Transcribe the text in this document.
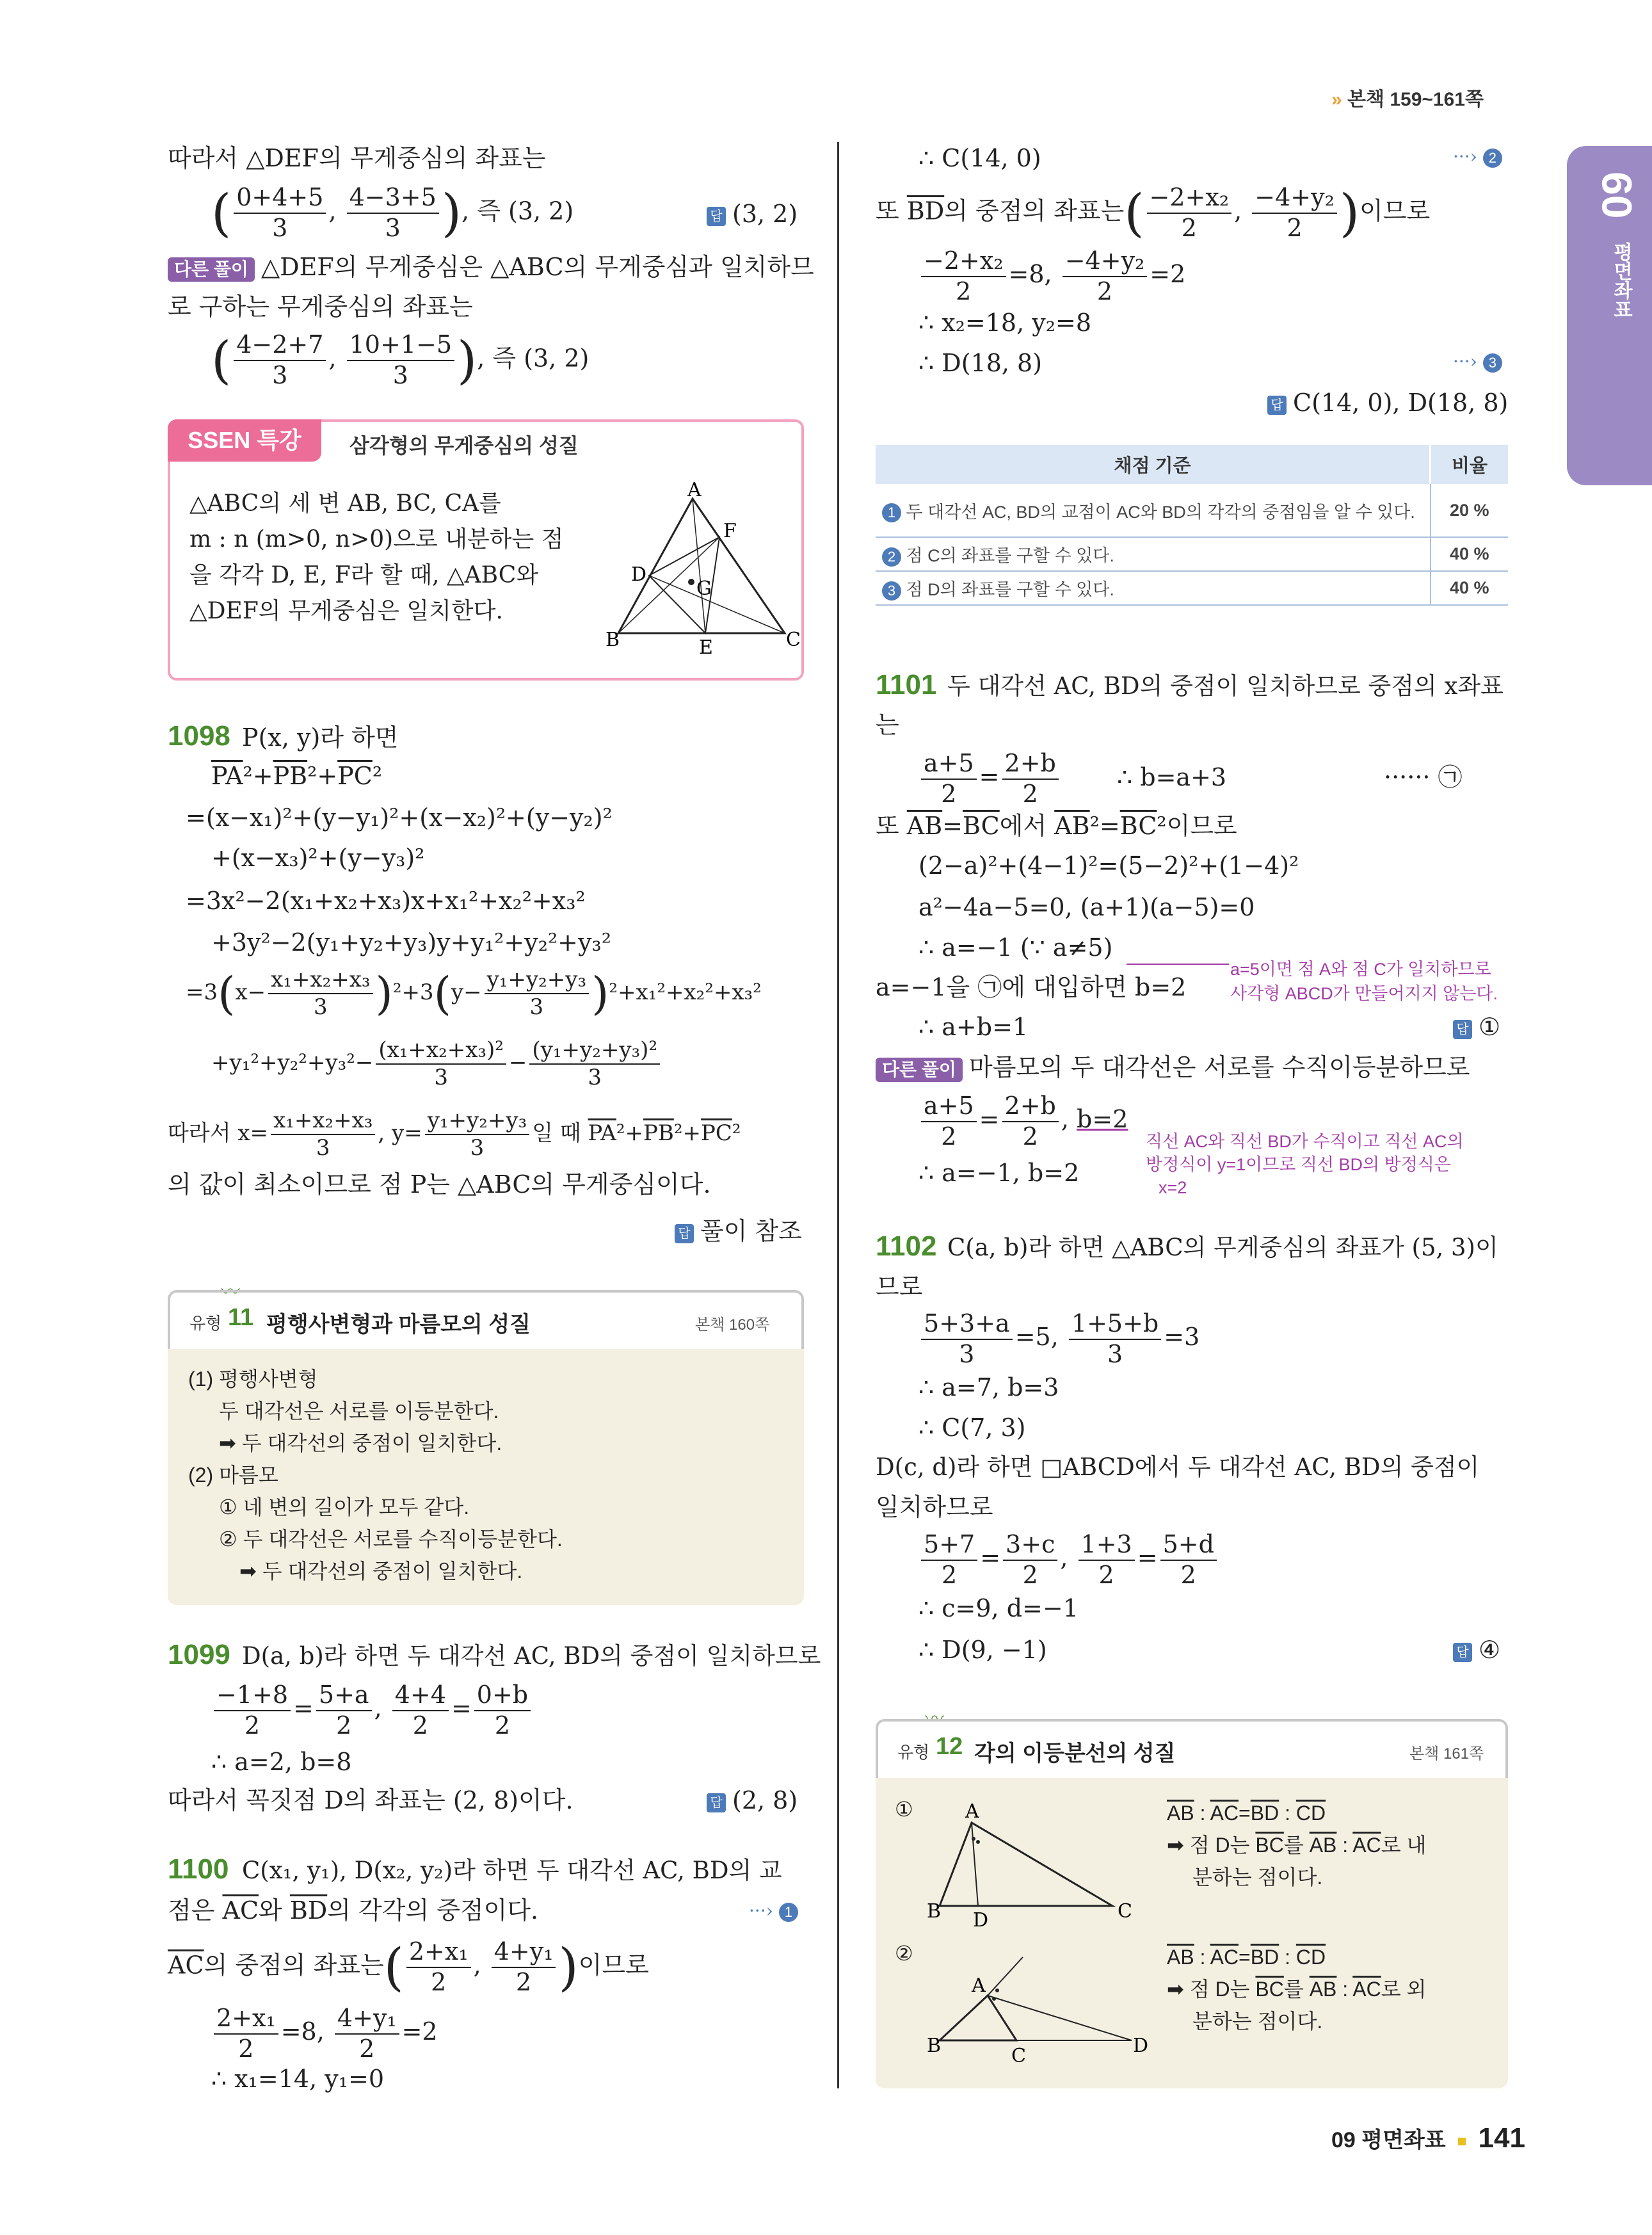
» 본책 159~161쪽
09
평면좌표
따라서 △DEF의 무게중심의 좌표는
( $\frac{0+4+5}{3}$ , $\frac{4-3+5}{3}$ ), 즉 (3, 2)	답 (3, 2)
다른 풀이 △DEF의 무게중심은 △ABC의 무게중심과 일치하므
로 구하는 무게중심의 좌표는
( $\frac{4-2+7}{3}$ , $\frac{10+1-5}{3}$ ), 즉 (3, 2)
SSEN 특강	삼각형의 무게중심의 성질
△ABC의 세 변 AB, BC, CA를
m : n (m>0, n>0)으로 내분하는 점
을 각각 D, E, F라 할 때, △ABC와
△DEF의 무게중심은 일치한다.
A
B	C
D
E
F
G
1098 P(x, y)라 하면
$\overline{PA}^2+\overline{PB}^2+\overline{PC}^2$
=(x−x₁)²+(y−y₁)²+(x−x₂)²+(y−y₂)²
+(x−x₃)²+(y−y₃)²
=3x²−2(x₁+x₂+x₃)x+x₁²+x₂²+x₃²
+3y²−2(y₁+y₂+y₃)y+y₁²+y₂²+y₃²
$=3(x- \frac{\text{x₁+x₂+x₃}}{3} )^2+3(y- \frac{\text{y₁+y₂+y₃}}{3} )^2+x_1^2+x_2^2+x_3^2$
$+y_1^2+y_2^2+y_3^2- \frac{\text{(x₁+x₂+x₃)²}}{3} - \frac{\text{(y₁+y₂+y₃)²}}{3}$
따라서 $x= \frac{\text{x₁+x₂+x₃}}{3}$ , $y= \frac{\text{y₁+y₂+y₃}}{3}$ 일 때 $\overline{PA}^2+\overline{PB}^2+\overline{PC}^2$
의 값이 최소이므로 점 P는 △ABC의 무게중심이다.
답 풀이 참조
〰
유형 11 평행사변형과 마름모의 성질	본책 160쪽
(1) 평행사변형
두 대각선은 서로를 이등분한다.
➡ 두 대각선의 중점이 일치한다.
(2) 마름모
① 네 변의 길이가 모두 같다.
② 두 대각선은 서로를 수직이등분한다.
➡ 두 대각선의 중점이 일치한다.
1099 D(a, b)라 하면 두 대각선 AC, BD의 중점이 일치하므로
$\frac{-1+8}{2} = \frac{5+a}{2}$ , $\frac{4+4}{2} = \frac{0+b}{2}$
∴ a=2, b=8
따라서 꼭짓점 D의 좌표는 (2, 8)이다.	답 (2, 8)
1100 C(x₁, y₁), D(x₂, y₂)라 하면 두 대각선 AC, BD의 교
점은 $\overline{AC}$와 $\overline{BD}$의 각각의 중점이다.	···› 1
$\overline{AC}$의 중점의 좌표는( $\frac{\text{2+x₁}}{2}$ , $\frac{\text{4+y₁}}{2}$ )이므로
$\frac{\text{2+x₁}}{2} =8$, $\frac{\text{4+y₁}}{2} =2$
∴ x₁=14, y₁=0
∴ C(14, 0)	···› 2
또 $\overline{BD}$의 중점의 좌표는( $\frac{\text{−2+x₂}}{2}$ , $\frac{\text{−4+y₂}}{2}$ )이므로
$\frac{\text{−2+x₂}}{2} =8$, $\frac{\text{−4+y₂}}{2} =2$
∴ x₂=18, y₂=8
∴ D(18, 8)	···› 3
답 C(14, 0), D(18, 8)
채점 기준	비율
1 두 대각선 AC, BD의 교점이 AC와 BD의 각각의 중점임을 알 수 있다.	20 %
2 점 C의 좌표를 구할 수 있다.	40 %
3 점 D의 좌표를 구할 수 있다.	40 %
1101 두 대각선 AC, BD의 중점이 일치하므로 중점의 x좌표
는
$\frac{a+5}{2} = \frac{2+b}{2}$ ∴ b=a+3	······ ㉠
또 $\overline{AB}=\overline{BC}$에서 $\overline{AB}^2=\overline{BC}^2$이므로
(2−a)²+(4−1)²=(5−2)²+(1−4)²
a²−4a−5=0, (a+1)(a−5)=0
∴ a=−1 (∵ a≠5)
a=5이면 점 A와 점 C가 일치하므로
사각형 ABCD가 만들어지지 않는다.
a=−1을 ㉠에 대입하면 b=2
∴ a+b=1	답 ①
다른 풀이 마름모의 두 대각선은 서로를 수직이등분하므로
$\frac{a+5}{2} = \frac{2+b}{2}$ , b=2
∴ a=−1, b=2
직선 AC와 직선 BD가 수직이고 직선 AC의
방정식이 y=1이므로 직선 BD의 방정식은
x=2
1102 C(a, b)라 하면 △ABC의 무게중심의 좌표가 (5, 3)이
므로
$\frac{5+3+a}{3} =5$, $\frac{1+5+b}{3} =3$
∴ a=7, b=3
∴ C(7, 3)
D(c, d)라 하면 □ABCD에서 두 대각선 AC, BD의 중점이
일치하므로
$\frac{5+7}{2} = \frac{3+c}{2}$ , $\frac{1+3}{2} = \frac{5+d}{2}$
∴ c=9, d=−1
∴ D(9, −1)	답 ④
〰
유형 12 각의 이등분선의 성질	본책 161쪽
①	A
B	C
D
$\overline{AB}$ : $\overline{AC}=\overline{BD}$ : $\overline{CD}$
➡ 점 D는 $\overline{BC}$를 $\overline{AB}$ : $\overline{AC}$로 내
분하는 점이다.
②
A
B	C	D
$\overline{AB}$ : $\overline{AC}=\overline{BD}$ : $\overline{CD}$
➡ 점 D는 $\overline{BC}$를 $\overline{AB}$ : $\overline{AC}$로 외
분하는 점이다.
09 평면좌표 141
